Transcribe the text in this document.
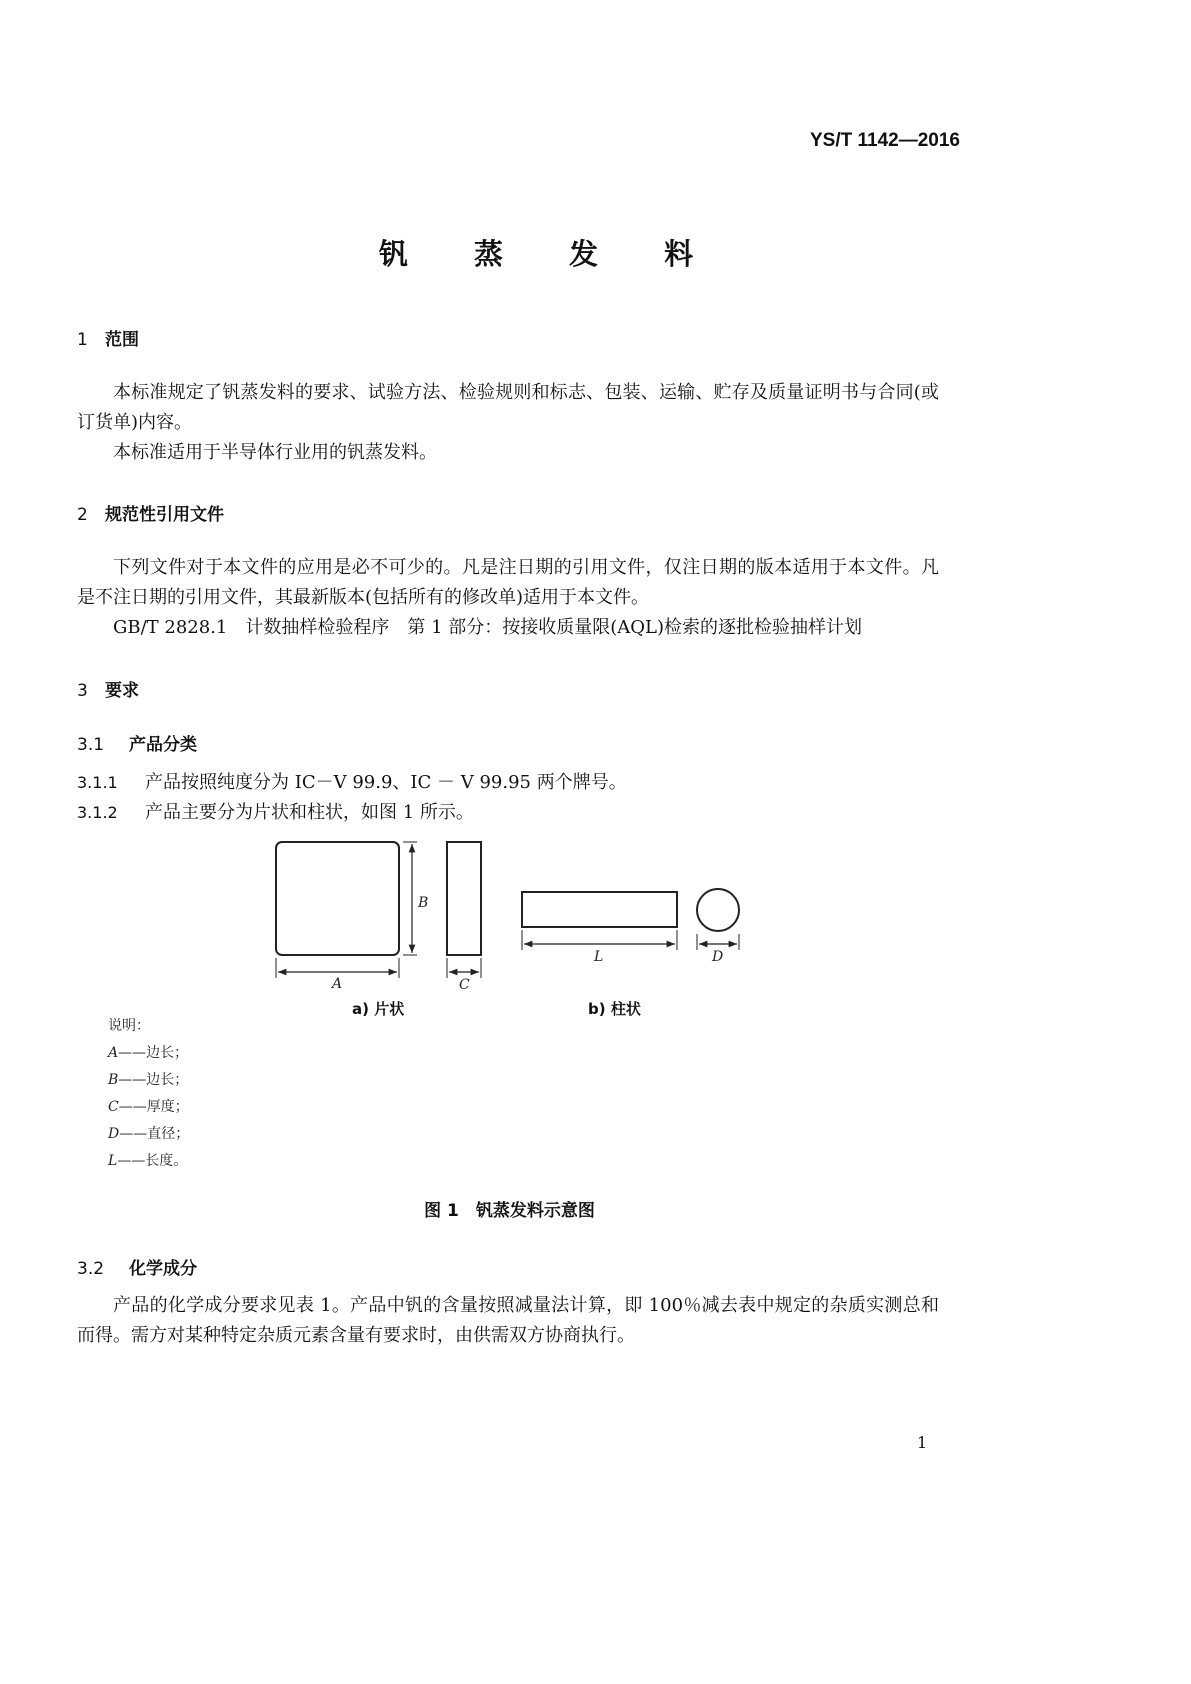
YS/T 1142—2016
钒 蒸 发 料
1 范围
本标准规定了钒蒸发料的要求、试验方法、检验规则和标志、包装、运输、贮存及质量证明书与合同(或订货单)内容。
本标准适用于半导体行业用的钒蒸发料。
2 规范性引用文件
下列文件对于本文件的应用是必不可少的。凡是注日期的引用文件，仅注日期的版本适用于本文件。凡是不注日期的引用文件，其最新版本(包括所有的修改单)适用于本文件。
GB/T 2828.1　计数抽样检验程序　第 1 部分：按接收质量限(AQL)检索的逐批检验抽样计划
3 要求
3.1 产品分类
3.1.1 产品按照纯度分为 IC－V 99.9、IC － V 99.95 两个牌号。
3.1.2 产品主要分为片状和柱状，如图 1 所示。
B
A	C
L	D
a) 片状	b) 柱状
说明：
A——边长；
B——边长；
C——厚度；
D——直径；
L——长度。
图 1　钒蒸发料示意图
3.2 化学成分
产品的化学成分要求见表 1。产品中钒的含量按照减量法计算，即 100％减去表中规定的杂质实测总和而得。需方对某种特定杂质元素含量有要求时，由供需双方协商执行。
1
